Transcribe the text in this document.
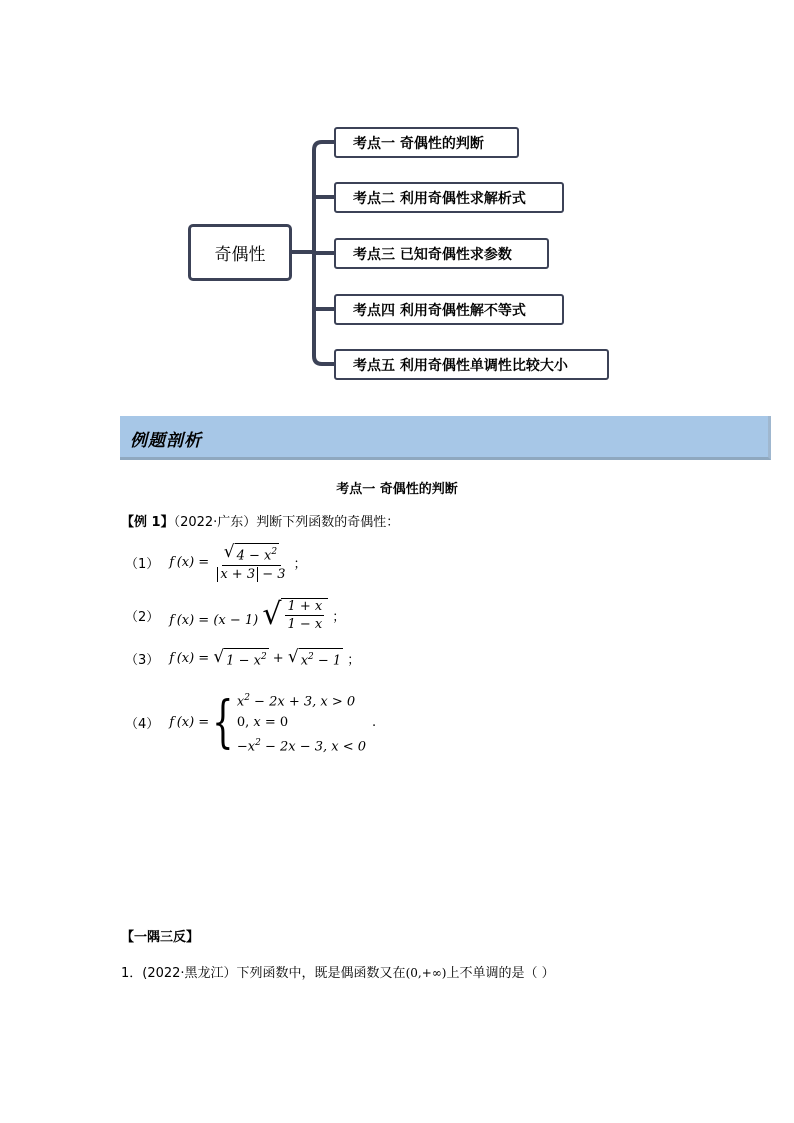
奇偶性
考点一 奇偶性的判断
考点二 利用奇偶性求解析式
考点三 已知奇偶性求参数
考点四 利用奇偶性解不等式
考点五 利用奇偶性单调性比较大小
例题剖析
考点一 奇偶性的判断
【例 1】（2022·广东）判断下列函数的奇偶性：
（1） f $(x) = \frac{√ 4 - x^2}{x + 3 - 3}$ ；
（2） f (x) = (x − 1) √ $\frac{1 + x}{1 - x}$ ；
（3） f (x) = √ $1 - x^2$ + √ $x^2 - 1$ ；
（4） f (x) = { $x^2 - 2x + 3$, x > 0
0, x = 0
$-x^2 - 2x - 3$, x < 0
.
【一隅三反】
1．(2022·黑龙江）下列函数中，既是偶函数又在(0,+∞)上不单调的是（ ）
